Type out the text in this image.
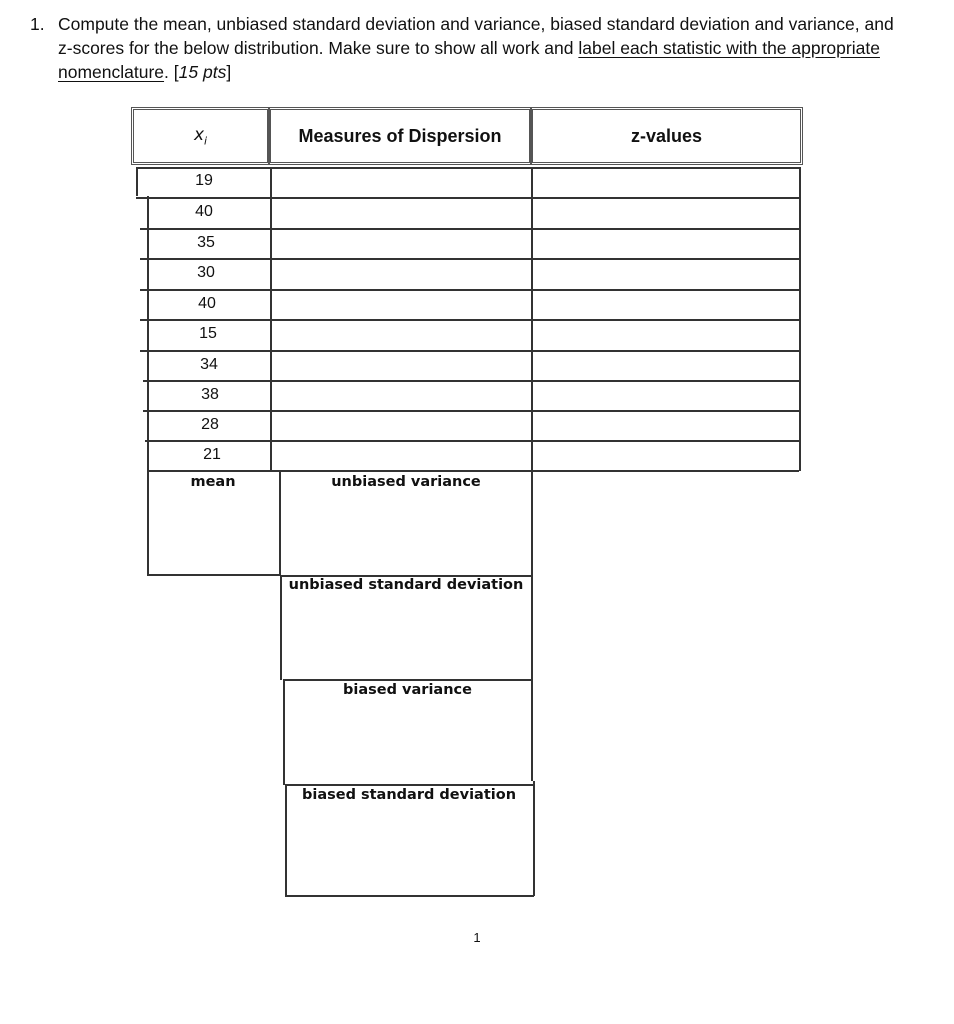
1. Compute the mean, unbiased standard deviation and variance, biased standard deviation and variance, and
z-scores for the below distribution. Make sure to show all work and label each statistic with the appropriate
nomenclature. [15 pts]
$x_i$	Measures of Dispersion	z-values
19
40
35
30
40
15
34
38
28
21
mean	unbiased variance
unbiased standard deviation
biased variance
biased standard deviation
1
